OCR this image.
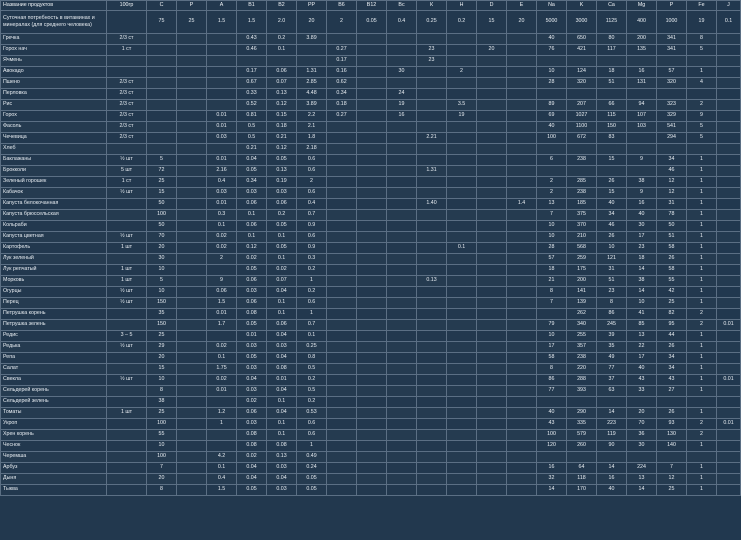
Название продуктов	100гр	С	Р	А	В1	В2	РР	В6	В12	Вс	К	Н	D	Е	Na	K	Ca	Mg	P	Fe	J
Суточная потребность в витаминах и минералах (для среднего человека)		75	25	1.5	1.5	2.0	20	2	0.05	0.4	0.25	0.2	15	20	5000	3000	1125	400	1000	19	0.1
Гречка	2/3 ст				0.43	0.2	3.89								40	650	80	200	341	8	
Горох нач	1 ст				0.46	0.1		0.27			23		20		76	421	117	135	341	5	
Ячмень								0.17			23										
Авокадо					0.17	0.06	1.31	0.16		30		2			10	124	18	16	57	1	
Пшено	2/3 ст				0.67	0.07	2.85	0.62							28	320	51	131	320	4	
Перловка	2/3 ст				0.33	0.13	4.48	0.34		24											
Рис	2/3 ст				0.52	0.12	3.89	0.18		19		3.5			89	207	66	94	323	2	
Горох	2/3 ст			0.01	0.81	0.15	2.2	0.27		16		19			69	1027	115	107	329	9	
Фасоль	2/3 ст			0.01	0.5	0.18	2.1								40	1100	150	103	541	5	
Чечевица	2/3 ст			0.03	0.5	0.21	1.8				2.21				100	672	83		294	5	
Хлеб					0.21	0.12	2.18														
Баклажаны	½ шт	5		0.01	0.04	0.05	0.6								6	238	15	9	34	1	
Брокколи	5 шт	72		2.16	0.05	0.13	0.6				1.31								46	1	
Зеленый горошек	1 ст	25		0.4	0.34	0.19	2								2	285	26	38	12	1	
Кабачок	½ шт	15		0.03	0.03	0.03	0.6								2	238	15	9	12	1	
Капуста белокочанная		50		0.01	0.06	0.06	0.4				1.40			1.4	13	185	40	16	31	1	
Капуста брюссельская		100		0.3	0.1	0.2	0.7								7	375	34	40	78	1	
Кольраби		50		0.1	0.06	0.05	0.9								10	370	46	30	50	1	
Капуста цветная	½ шт	70		0.02	0.1	0.1	0.6								10	210	26	17	51	1	
Картофель	1 шт	20		0.02	0.12	0.05	0.9					0.1			28	568	10	23	58	1	
Лук зеленый		30		2	0.02	0.1	0.3								57	259	121	18	26	1	
Лук репчатый	1 шт	10			0.05	0.02	0.2								18	175	31	14	58	1	
Морковь	1 шт	5		9	0.06	0.07	1				0.13				21	200	51	38	55	1	
Огурцы	½ шт	10		0.06	0.03	0.04	0.2								8	141	23	14	42	1	
Перец	½ шт	150		1.5	0.06	0.1	0.6								7	139	8	10	25	1	
Петрушка корень		35		0.01	0.08	0.1	1									262	86	41	82	2	
Петрушка зелень		150		1.7	0.05	0.06	0.7								79	340	245	85	95	2	0.01
Редис	3 – 5	25			0.01	0.04	0.1								10	255	39	13	44	1	
Редька	½ шт	29		0.02	0.03	0.03	0.25								17	357	35	22	26	1	
Репа		20		0.1	0.05	0.04	0.8								58	238	49	17	34	1	
Салат		15		1.75	0.03	0.08	0.5								8	220	77	40	34	1	
Свекла	½ шт	10		0.02	0.04	0.01	0.2								86	288	37	43	43	1	0.01
Сельдерей корень		8		0.01	0.03	0.04	0.5								77	393	63	33	27	1	
Сельдерей зелень		38			0.02	0.1	0.2														
Томаты	1 шт	25		1.2	0.06	0.04	0.53								40	290	14	20	26	1	
Укроп		100		1	0.03	0.1	0.6								43	335	223	70	93	2	0.01
Хрен корень		55			0.08	0.1	0.6								100	579	119	36	130	2	
Чеснок		10			0.08	0.08	1								120	260	90	30	140	1	
Черемша		100		4.2	0.02	0.13	0.49														
Арбуз		7		0.1	0.04	0.03	0.24								16	64	14	224	7	1	
Дыня		20		0.4	0.04	0.04	0.05								32	118	16	13	12	1	
Тыква		8		1.5	0.05	0.03	0.05								14	170	40	14	25	1	
